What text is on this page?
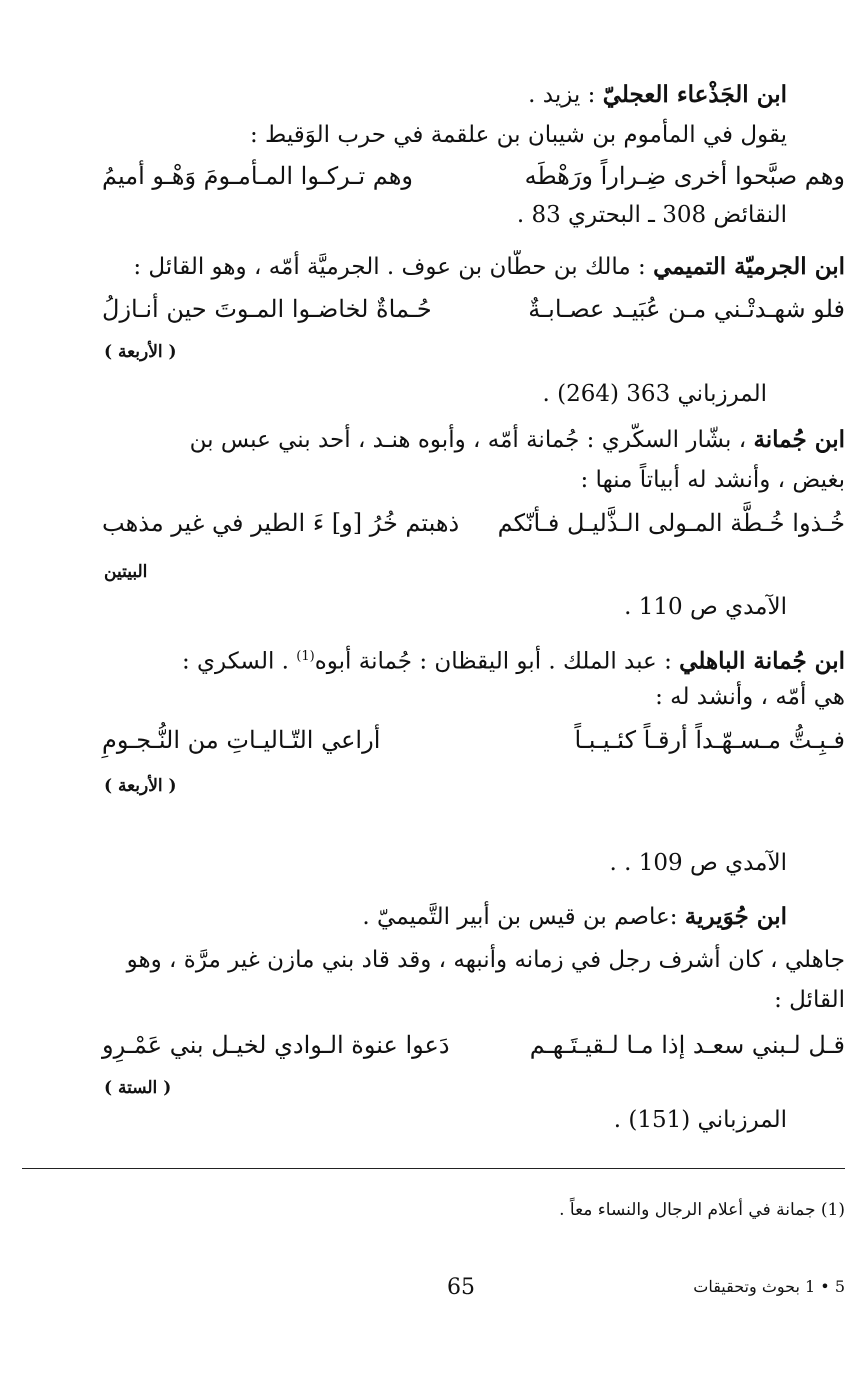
ابن الجَذْعاء العجليّ : يزيد .
يقول في المأموم بن شيبان بن علقمة في حرب الوَقيط :
وهم صبَّحوا أخرى ضِـراراً ورَهْطَه
وهم تـركـوا المـأمـومَ وَهْـو أميمُ
النقائض 308 ـ البحتري 83 .
ابن الجرميّة التميمي : مالك بن حطّان بن عوف . الجرميَّة أمّه ، وهو القائل :
فلو شهـدتْـني مـن عُبَيـد عصـابـةٌ
حُـماةٌ لخاضـوا المـوتَ حين أنـازلُ
( الأربعة )
المرزباني 363 (264) .
ابن جُمانة ، بشّار السكّري : جُمانة أمّه ، وأبوه هنـد ، أحد بني عبس بن
بغيض ، وأنشد له أبياتاً منها :
خُـذوا خُـطَّة المـولى الـذَّليـل فـأنّكم
ذهبتم خُرُ [و] ءَ الطير في غير مذهب
البيتين
الآمدي ص 110 .
ابن جُمانة الباهلي : عبد الملك . أبو اليقظان : جُمانة أبوه$^{(1)}$ . السكري :
هي أمّه ، وأنشد له :
فـبِـتُّ مـسـهّـداً أرقـاً كئـيـبـاً
أراعي التّـاليـاتِ من النُّـجـومِ
( الأربعة )
الآمدي ص 109 . .
ابن جُوَيرية :عاصم بن قيس بن أبير التَّميميّ .
جاهلي ، كان أشرف رجل في زمانه وأنبهه ، وقد قاد بني مازن غير مرَّة ، وهو
القائل :
قـل لـبني سعـد إذا مـا لـقيـتَـهـم
دَعوا عنوة الـوادي لخيـل بني عَمْـرِو
( الستة )
المرزباني (151) .
(1) جمانة في أعلام الرجال والنساء معاً .
65	5 • 1 بحوث وتحقيقات
